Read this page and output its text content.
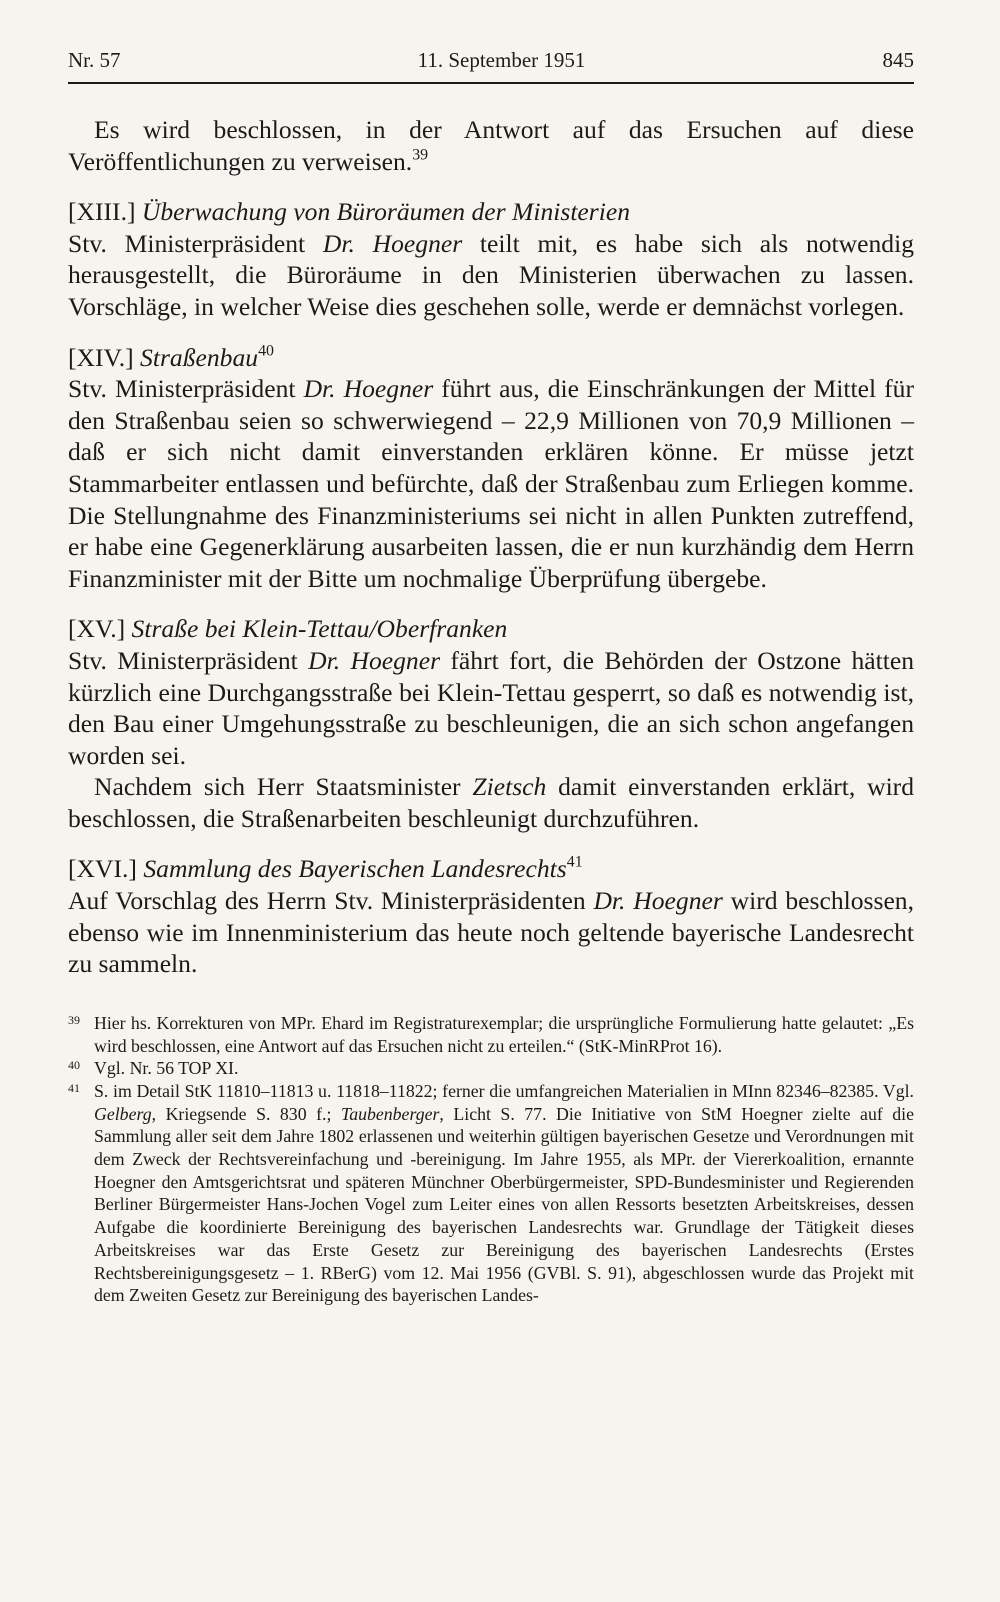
Nr. 57	11. September 1951	845

Es wird beschlossen, in der Antwort auf das Ersuchen auf diese Veröffentlichungen zu verweisen.$^{39}$

[XIII.] Überwachung von Büroräumen der Ministerien

Stv. Ministerpräsident Dr. Hoegner teilt mit, es habe sich als notwendig herausgestellt, die Büroräume in den Ministerien überwachen zu lassen. Vorschläge, in welcher Weise dies geschehen solle, werde er demnächst vorlegen.

[XIV.] Straßenbau$^{40}$

Stv. Ministerpräsident Dr. Hoegner führt aus, die Einschränkungen der Mittel für den Straßenbau seien so schwerwiegend – 22,9 Millionen von 70,9 Millionen – daß er sich nicht damit einverstanden erklären könne. Er müsse jetzt Stammarbeiter entlassen und befürchte, daß der Straßenbau zum Erliegen komme. Die Stellungnahme des Finanzministeriums sei nicht in allen Punkten zutreffend, er habe eine Gegenerklärung ausarbeiten lassen, die er nun kurzhändig dem Herrn Finanzminister mit der Bitte um nochmalige Überprüfung übergebe.

[XV.] Straße bei Klein-Tettau/Oberfranken

Stv. Ministerpräsident Dr. Hoegner fährt fort, die Behörden der Ostzone hätten kürzlich eine Durchgangsstraße bei Klein-Tettau gesperrt, so daß es notwendig ist, den Bau einer Umgehungsstraße zu beschleunigen, die an sich schon angefangen worden sei.

Nachdem sich Herr Staatsminister Zietsch damit einverstanden erklärt, wird beschlossen, die Straßenarbeiten beschleunigt durchzuführen.

[XVI.] Sammlung des Bayerischen Landesrechts$^{41}$

Auf Vorschlag des Herrn Stv. Ministerpräsidenten Dr. Hoegner wird beschlossen, ebenso wie im Innenministerium das heute noch geltende bayerische Landesrecht zu sammeln.

39 Hier hs. Korrekturen von MPr. Ehard im Registraturexemplar; die ursprüngliche Formulierung hatte gelautet: „Es wird beschlossen, eine Antwort auf das Ersuchen nicht zu erteilen.“ (StK-MinRProt 16).
40 Vgl. Nr. 56 TOP XI.
41 S. im Detail StK 11810–11813 u. 11818–11822; ferner die umfangreichen Materialien in MInn 82346–82385. Vgl. Gelberg, Kriegsende S. 830 f.; Taubenberger, Licht S. 77. Die Initiative von StM Hoegner zielte auf die Sammlung aller seit dem Jahre 1802 erlassenen und weiterhin gültigen bayerischen Gesetze und Verordnungen mit dem Zweck der Rechtsvereinfachung und -bereinigung. Im Jahre 1955, als MPr. der Viererkoalition, ernannte Hoegner den Amtsgerichtsrat und späteren Münchner Oberbürgermeister, SPD-Bundesminister und Regierenden Berliner Bürgermeister Hans-Jochen Vogel zum Leiter eines von allen Ressorts besetzten Arbeitskreises, dessen Aufgabe die koordinierte Bereinigung des bayerischen Landesrechts war. Grundlage der Tätigkeit dieses Arbeitskreises war das Erste Gesetz zur Bereinigung des bayerischen Landesrechts (Erstes Rechtsbereinigungsgesetz – 1. RBerG) vom 12. Mai 1956 (GVBl. S. 91), abgeschlossen wurde das Projekt mit dem Zweiten Gesetz zur Bereinigung des bayerischen Landes-
